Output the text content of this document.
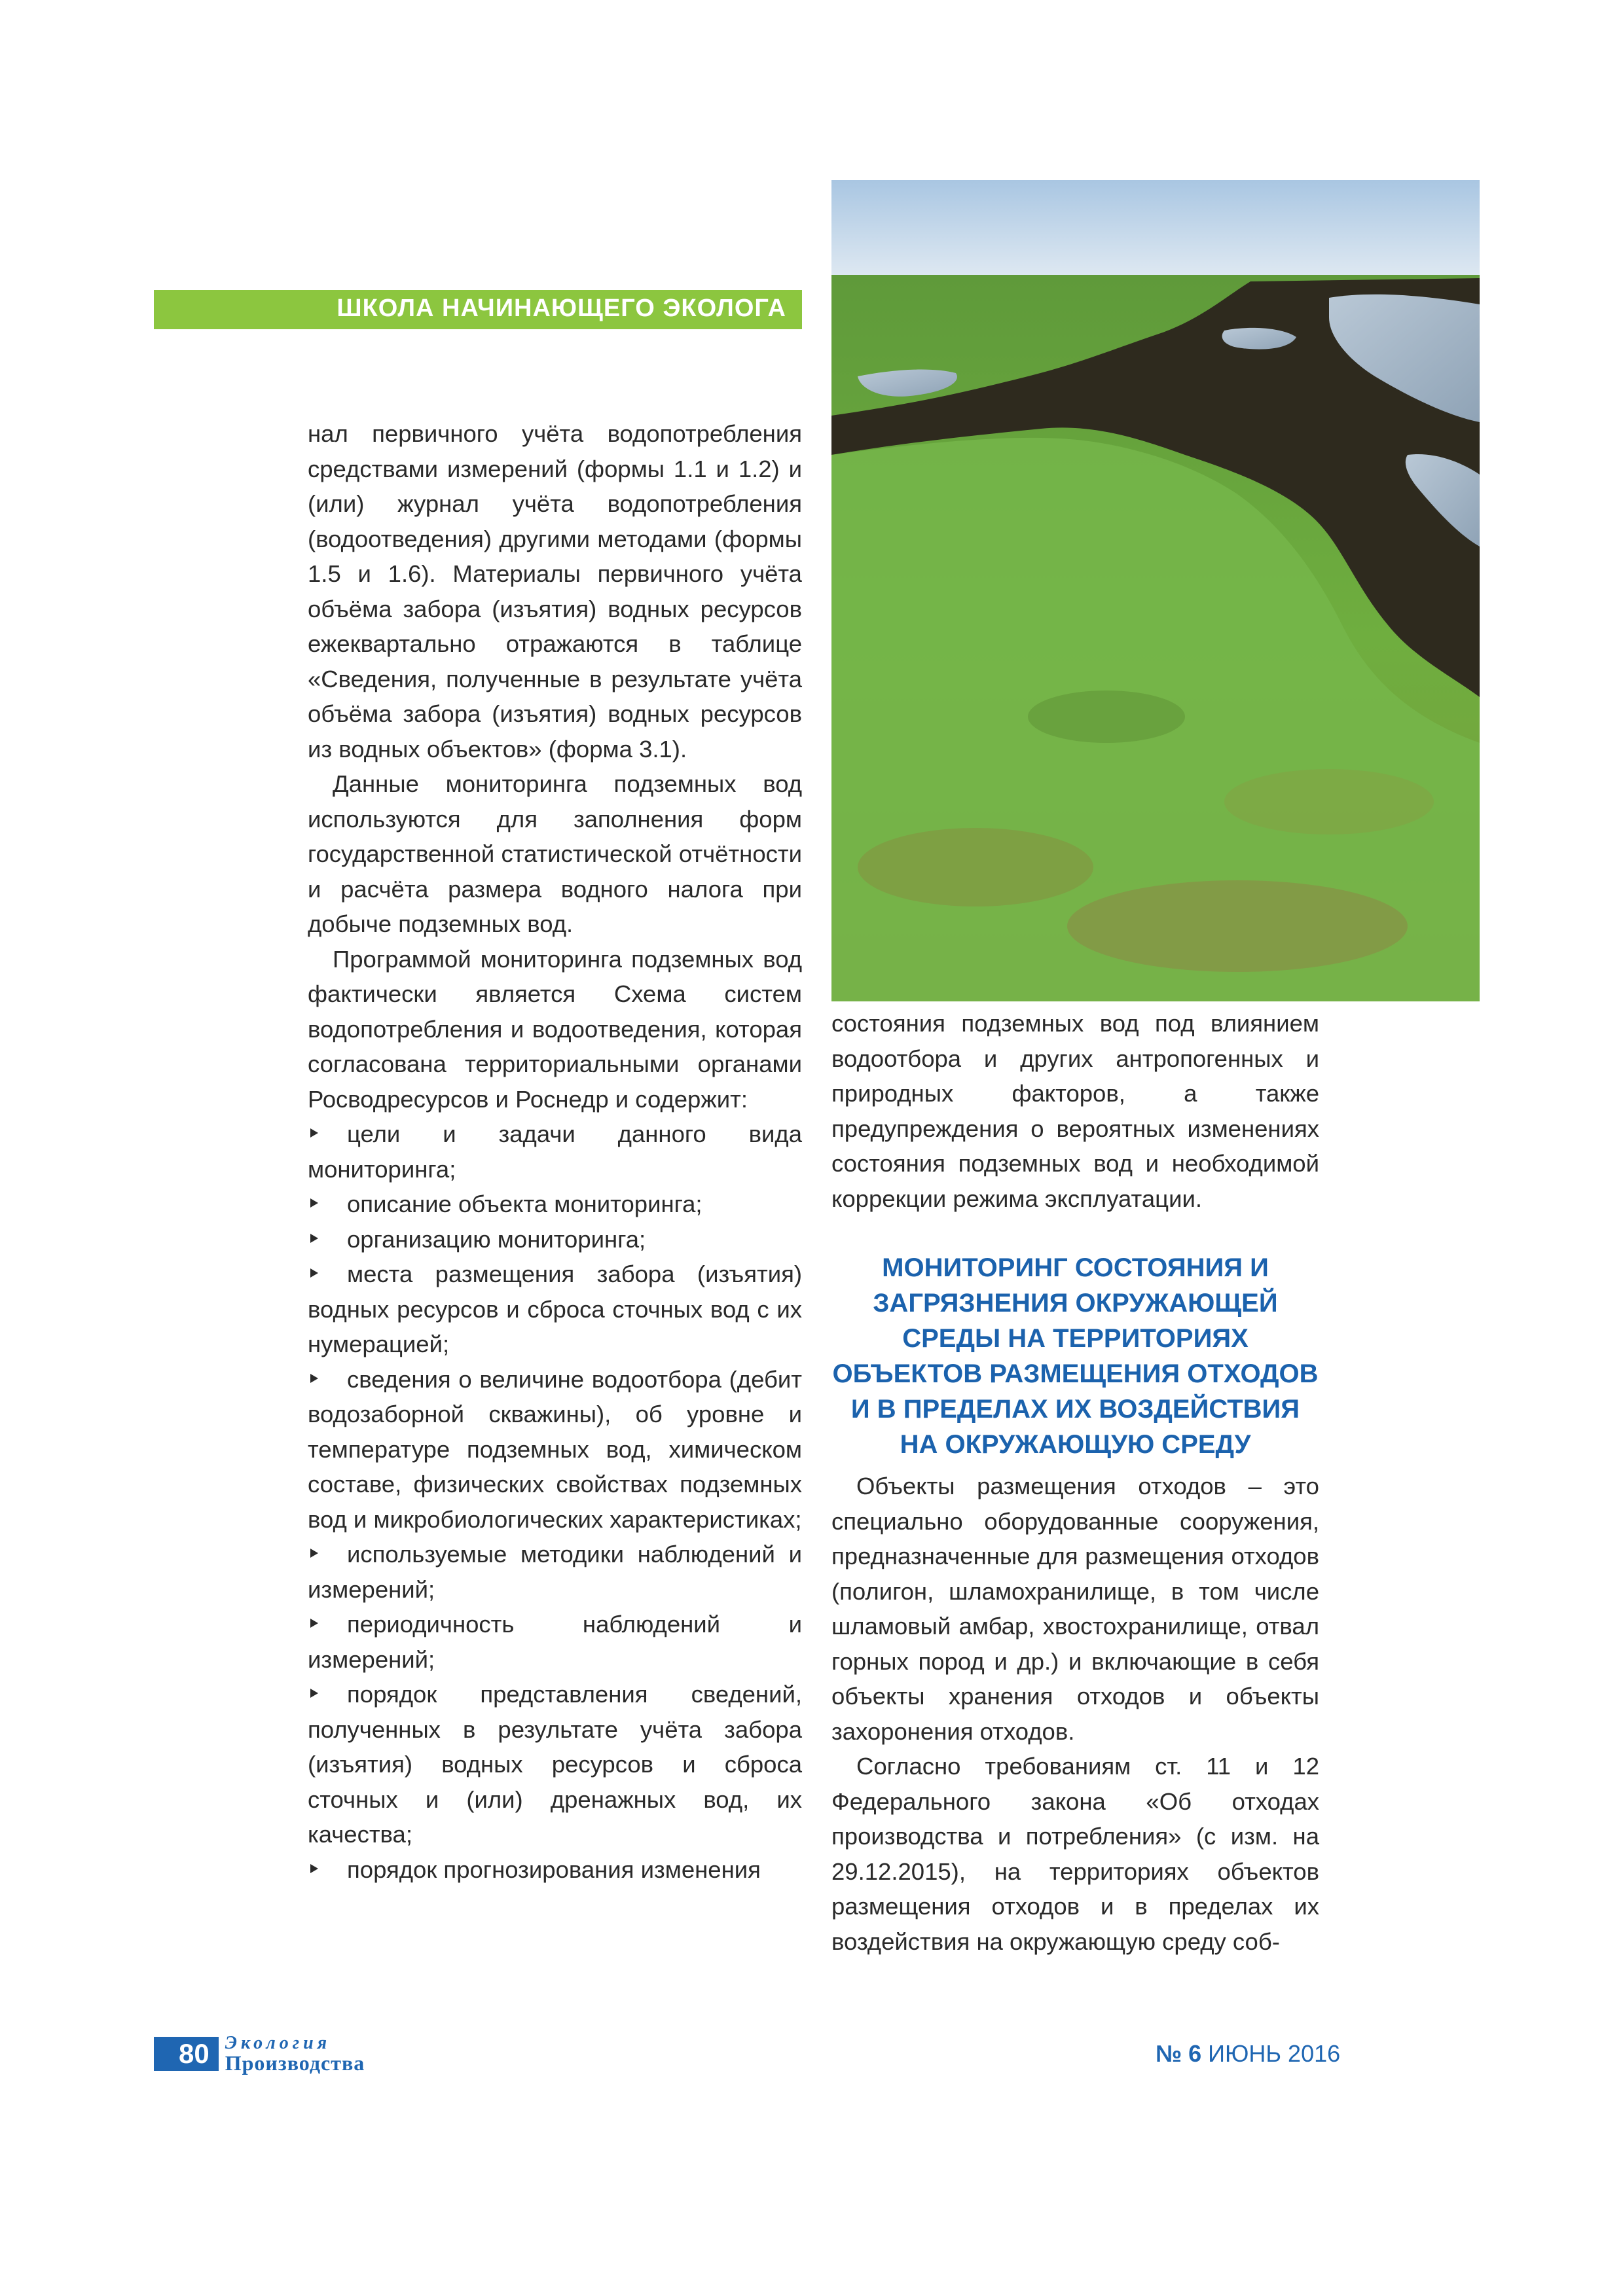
ШКОЛА НАЧИНАЮЩЕГО ЭКОЛОГА

нал первичного учёта водопотребления средствами измерений (формы 1.1 и 1.2) и (или) журнал учёта водопотребления (водоотведения) другими методами (формы 1.5 и 1.6). Материалы первичного учёта объёма забора (изъятия) водных ресурсов ежеквартально отражаются в таблице «Сведения, полученные в результате учёта объёма забора (изъятия) водных ресурсов из водных объектов» (форма 3.1).

Данные мониторинга подземных вод используются для заполнения форм государственной статистической отчётности и расчёта размера водного налога при добыче подземных вод.

Программой мониторинга подземных вод фактически является Схема систем водопотребления и водоотведения, которая согласована территориальными органами Росводресурсов и Роснедр и содержит:

цели и задачи данного вида мониторинга;
описание объекта мониторинга;
организацию мониторинга;
места размещения забора (изъятия) водных ресурсов и сброса сточных вод с их нумерацией;
сведения о величине водоотбора (дебит водозаборной скважины), об уровне и температуре подземных вод, химическом составе, физических свойствах подземных вод и микробиологических характеристиках;
используемые методики наблюдений и измерений;
периодичность наблюдений и измерений;
порядок представления сведений, полученных в результате учёта забора (изъятия) водных ресурсов и сброса сточных и (или) дренажных вод, их качества;
порядок прогнозирования изменения

состояния подземных вод под влиянием водоотбора и других антропогенных и природных факторов, а также предупреждения о вероятных изменениях состояния подземных вод и необходимой коррекции режима эксплуатации.

МОНИТОРИНГ СОСТОЯНИЯ И ЗАГРЯЗНЕНИЯ ОКРУЖАЮЩЕЙ СРЕДЫ НА ТЕРРИТОРИЯХ ОБЪЕКТОВ РАЗМЕЩЕНИЯ ОТХОДОВ И В ПРЕДЕЛАХ ИХ ВОЗДЕЙСТВИЯ НА ОКРУЖАЮЩУЮ СРЕДУ

Объекты размещения отходов – это специально оборудованные сооружения, предназначенные для размещения отходов (полигон, шламохранилище, в том числе шламовый амбар, хвостохранилище, отвал горных пород и др.) и включающие в себя объекты хранения отходов и объекты захоронения отходов.

Согласно требованиям ст. 11 и 12 Федерального закона «Об отходах производства и потребления» (с изм. на 29.12.2015), на территориях объектов размещения отходов и в пределах их воздействия на окружающую среду соб-

80 Экология
Производства	№ 6 ИЮНЬ 2016
